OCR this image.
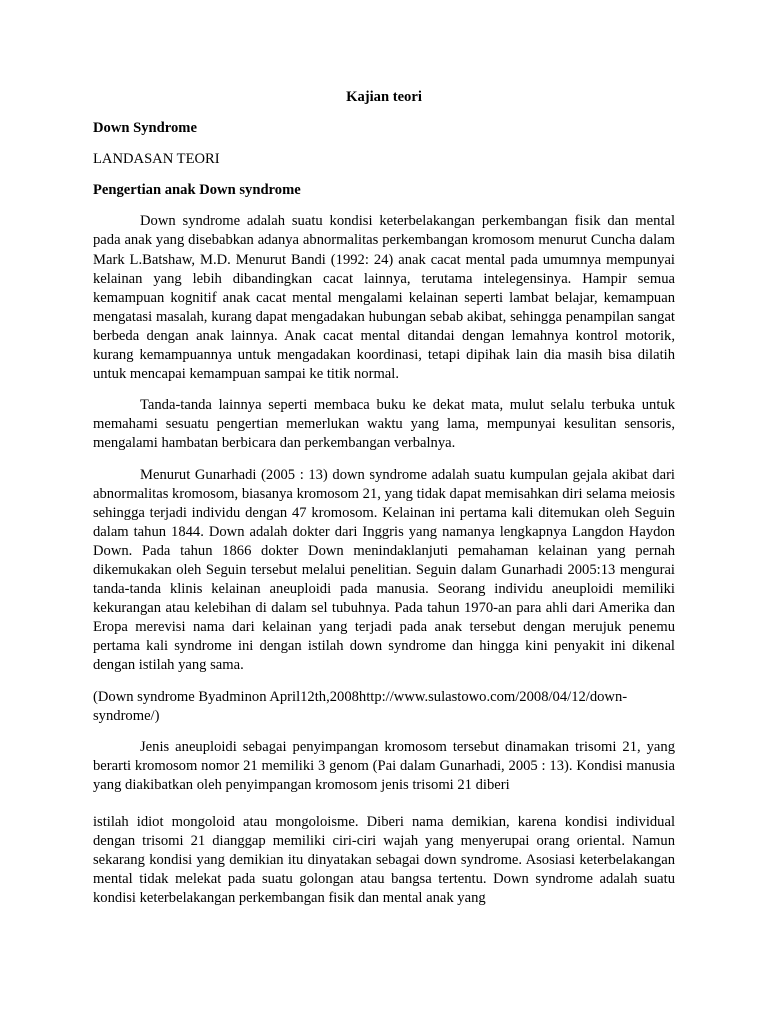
Kajian teori
Down Syndrome
LANDASAN TEORI
Pengertian anak Down syndrome

Down syndrome adalah suatu kondisi keterbelakangan perkembangan fisik dan mental pada anak yang disebabkan adanya abnormalitas perkembangan kromosom menurut Cuncha dalam Mark L.Batshaw, M.D. Menurut Bandi (1992: 24) anak cacat mental pada umumnya mempunyai kelainan yang lebih dibandingkan cacat lainnya, terutama intelegensinya. Hampir semua kemampuan kognitif anak cacat mental mengalami kelainan seperti lambat belajar, kemampuan mengatasi masalah, kurang dapat mengadakan hubungan sebab akibat, sehingga penampilan sangat berbeda dengan anak lainnya. Anak cacat mental ditandai dengan lemahnya kontrol motorik, kurang kemampuannya untuk mengadakan koordinasi, tetapi dipihak lain dia masih bisa dilatih untuk mencapai kemampuan sampai ke titik normal.

Tanda-tanda lainnya seperti membaca buku ke dekat mata, mulut selalu terbuka untuk memahami sesuatu pengertian memerlukan waktu yang lama, mempunyai kesulitan sensoris, mengalami hambatan berbicara dan perkembangan verbalnya.

Menurut Gunarhadi (2005 : 13) down syndrome adalah suatu kumpulan gejala akibat dari abnormalitas kromosom, biasanya kromosom 21, yang tidak dapat memisahkan diri selama meiosis sehingga terjadi individu dengan 47 kromosom. Kelainan ini pertama kali ditemukan oleh Seguin dalam tahun 1844. Down adalah dokter dari Inggris yang namanya lengkapnya Langdon Haydon Down. Pada tahun 1866 dokter Down menindaklanjuti pemahaman kelainan yang pernah dikemukakan oleh Seguin tersebut melalui penelitian. Seguin dalam Gunarhadi 2005:13 mengurai tanda-tanda klinis kelainan aneuploidi pada manusia. Seorang individu aneuploidi memiliki kekurangan atau kelebihan di dalam sel tubuhnya. Pada tahun 1970-an para ahli dari Amerika dan Eropa merevisi nama dari kelainan yang terjadi pada anak tersebut dengan merujuk penemu pertama kali syndrome ini dengan istilah down syndrome dan hingga kini penyakit ini dikenal dengan istilah yang sama.

(Down syndrome Byadminon April12th,2008http://www.sulastowo.com/2008/04/12/down-syndrome/)

Jenis aneuploidi sebagai penyimpangan kromosom tersebut dinamakan trisomi 21, yang berarti kromosom nomor 21 memiliki 3 genom (Pai dalam Gunarhadi, 2005 : 13). Kondisi manusia yang diakibatkan oleh penyimpangan kromosom jenis trisomi 21 diberi

istilah idiot mongoloid atau mongoloisme. Diberi nama demikian, karena kondisi individual dengan trisomi 21 dianggap memiliki ciri-ciri wajah yang menyerupai orang oriental. Namun sekarang kondisi yang demikian itu dinyatakan sebagai down syndrome. Asosiasi keterbelakangan mental tidak melekat pada suatu golongan atau bangsa tertentu. Down syndrome adalah suatu kondisi keterbelakangan perkembangan fisik dan mental anak yang
